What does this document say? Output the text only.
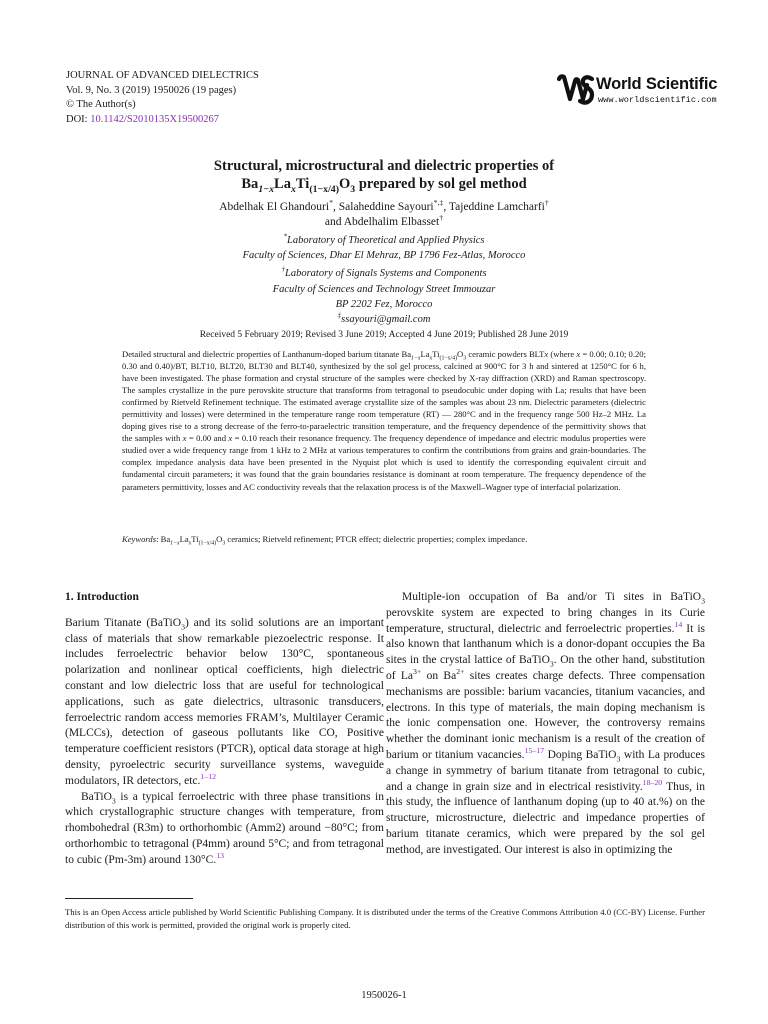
JOURNAL OF ADVANCED DIELECTRICS
Vol. 9, No. 3 (2019) 1950026 (19 pages)
© The Author(s)
DOI: 10.1142/S2010135X19500267
World Scientific
www.worldscientific.com
Structural, microstructural and dielectric properties of
$Ba_{1-x}La_xTi_{(1-x/4)}O_3$ prepared by sol gel method
Abdelhak El Ghandouri*, Salaheddine Sayouri*,‡, Tajeddine Lamcharfi†
and Abdelhalim Elbasset†
*Laboratory of Theoretical and Applied Physics
Faculty of Sciences, Dhar El Mehraz, BP 1796 Fez-Atlas, Morocco
†Laboratory of Signals Systems and Components
Faculty of Sciences and Technology Street Immouzar
BP 2202 Fez, Morocco
‡ssayouri@gmail.com
Received 5 February 2019; Revised 3 June 2019; Accepted 4 June 2019; Published 28 June 2019
Detailed structural and dielectric properties of Lanthanum-doped barium titanate $Ba_{1-x}La_xTi_{(1-x/4)}O_3$ ceramic powders BLTx (where x = 0.00; 0.10; 0.20; 0.30 and 0.40)/BT, BLT10, BLT20, BLT30 and BLT40, synthesized by the sol gel process, calcined at 900°C for 3 h and sintered at 1250°C for 6 h, have been investigated. The phase formation and crystal structure of the samples were checked by X-ray diffraction (XRD) and Raman spectroscopy. The samples crystallize in the pure perovskite structure that transforms from tetragonal to pseudocubic under doping with La; results that have been confirmed by Rietveld Refinement technique. The estimated average crystallite size of the samples was about 23 nm. Dielectric parameters (dielectric permittivity and losses) were determined in the temperature range room temperature (RT) — 280°C and in the frequency range 500 Hz–2 MHz. La doping gives rise to a strong decrease of the ferro-to-paraelectric transition temperature, and the frequency dependence of the permittivity shows that the samples with x = 0.00 and x = 0.10 reach their resonance frequency. The frequency dependence of impedance and electric modulus properties were studied over a wide frequency range from 1 kHz to 2 MHz at various temperatures to confirm the contributions from grains and grain-boundaries. The complex impedance analysis data have been presented in the Nyquist plot which is used to identify the corresponding equivalent circuit and fundamental circuit parameters; it was found that the grain boundaries resistance is dominant at room temperature. The frequency dependence of the parameters permittivity, losses and AC conductivity reveals that the relaxation process is of the Maxwell–Wagner type of interfacial polarization.
Keywords: $Ba_{1-x}La_xTi_{(1-x/4)}O_3$ ceramics; Rietveld refinement; PTCR effect; dielectric properties; complex impedance.
1. Introduction

Barium Titanate (BaTiO$_3$) and its solid solutions are an important class of materials that show remarkable piezoelectric response. It includes ferroelectric behavior below 130°C, spontaneous polarization and nonlinear optical coefficients, high dielectric constant and low dielectric loss that are useful for technological applications, such as gate dielectrics, ultrasonic transducers, ferroelectric random access memories FRAM’s, Multilayer Ceramic (MLCCs), detection of gaseous pollutants like CO, Positive temperature coefficient resistors (PTCR), optical data storage at high density, pyroelectric security surveillance systems, waveguide modulators, IR detectors, etc.$^{1-12}$

BaTiO$_3$ is a typical ferroelectric with three phase transitions in which crystallographic structure changes with temperature, from rhombohedral (R3m) to orthorhombic (Amm2) around −80°C; from orthorhombic to tetragonal (P4mm) around 5°C; and from tetragonal to cubic (Pm-3m) around 130°C.$^{13}$

Multiple-ion occupation of Ba and/or Ti sites in BaTiO$_3$ perovskite system are expected to bring changes in its Curie temperature, structural, dielectric and ferroelectric properties.$^{14}$ It is also known that lanthanum which is a donor-dopant occupies the Ba sites in the crystal lattice of BaTiO$_3$. On the other hand, substitution of $La^{3+}$ on $Ba^{2+}$ sites creates charge defects. Three compensation mechanisms are possible: barium vacancies, titanium vacancies, and electrons. In this type of materials, the main doping mechanism is the ionic compensation one. However, the controversy remains whether the dominant ionic mechanism is a result of the creation of barium or titanium vacancies.$^{15-17}$ Doping BaTiO$_3$ with La produces a change in symmetry of barium titanate from tetragonal to cubic, and a change in grain size and in electrical resistivity.$^{18-20}$ Thus, in this study, the influence of lanthanum doping (up to 40 at.%) on the structure, microstructure, dielectric and impedance properties of barium titanate ceramics, which were prepared by the sol gel method, are investigated. Our interest is also in optimizing the

This is an Open Access article published by World Scientific Publishing Company. It is distributed under the terms of the Creative Commons Attribution 4.0 (CC-BY) License. Further distribution of this work is permitted, provided the original work is properly cited.
1950026-1
